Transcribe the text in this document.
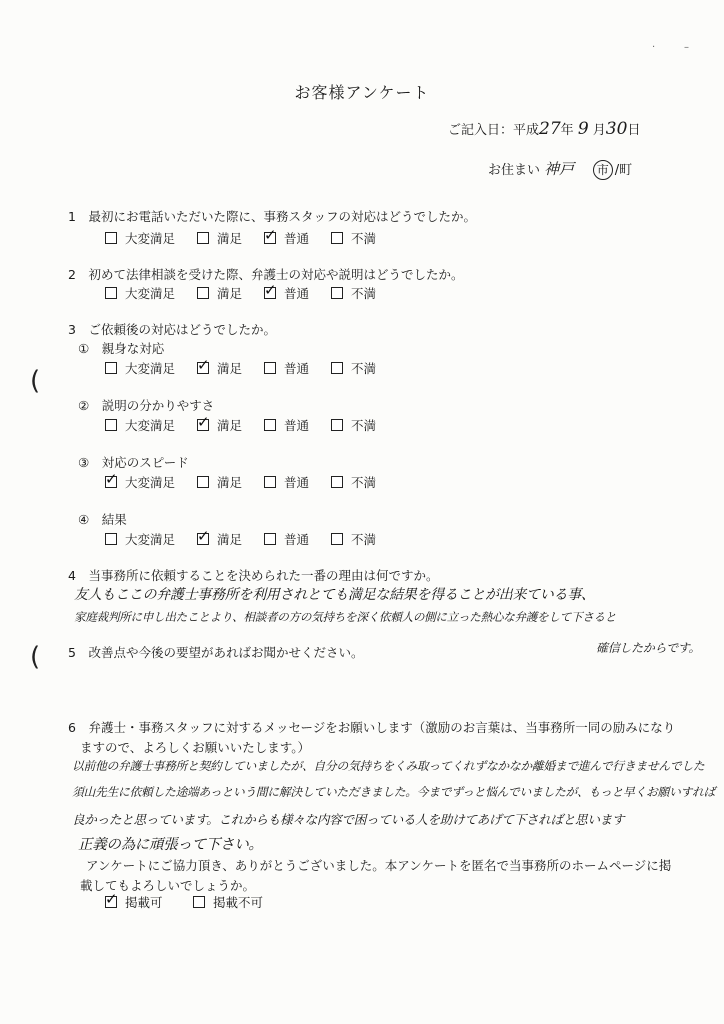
お客様アンケート
ご記入日：平成27年 9 月30日
お住まい 神戸 市 /町
·	–
1　最初にお電話いただいた際に、事務スタッフの対応はどうでしたか。
大変満足	満足 ✓	普通	不満
2　初めて法律相談を受けた際、弁護士の対応や説明はどうでしたか。
大変満足	満足 ✓	普通	不満
3　ご依頼後の対応はどうでしたか。
①　親身な対応
大変満足 ✓	満足	普通	不満
(
②　説明の分かりやすさ
大変満足 ✓	満足	普通	不満
③　対応のスピード
✓
大変満足	満足	普通	不満
④　結果
大変満足 ✓	満足	普通	不満
4　当事務所に依頼することを決められた一番の理由は何ですか。
友人もここの弁護士事務所を利用されとても満足な結果を得ることが出来ている事、
家庭裁判所に申し出たことより、相談者の方の気持ちを深く依頼人の側に立った熱心な弁護をして下さると
確信したからです。
5　改善点や今後の要望があればお聞かせください。
(
6　弁護士・事務スタッフに対するメッセージをお願いします（激励のお言葉は、当事務所一同の励みになり
ますので、よろしくお願いいたします。）
以前他の弁護士事務所と契約していましたが、自分の気持ちをくみ取ってくれずなかなか離婚まで進んで行きませんでした
須山先生に依頼した途端あっという間に解決していただきました。今までずっと悩んでいましたが、もっと早くお願いすれば
良かったと思っています。これからも様々な内容で困っている人を助けてあげて下さればと思います
正義の為に頑張って下さい。
アンケートにご協力頂き、ありがとうございました。本アンケートを匿名で当事務所のホームページに掲
載してもよろしいでしょうか。
✓
掲載可	掲載不可
